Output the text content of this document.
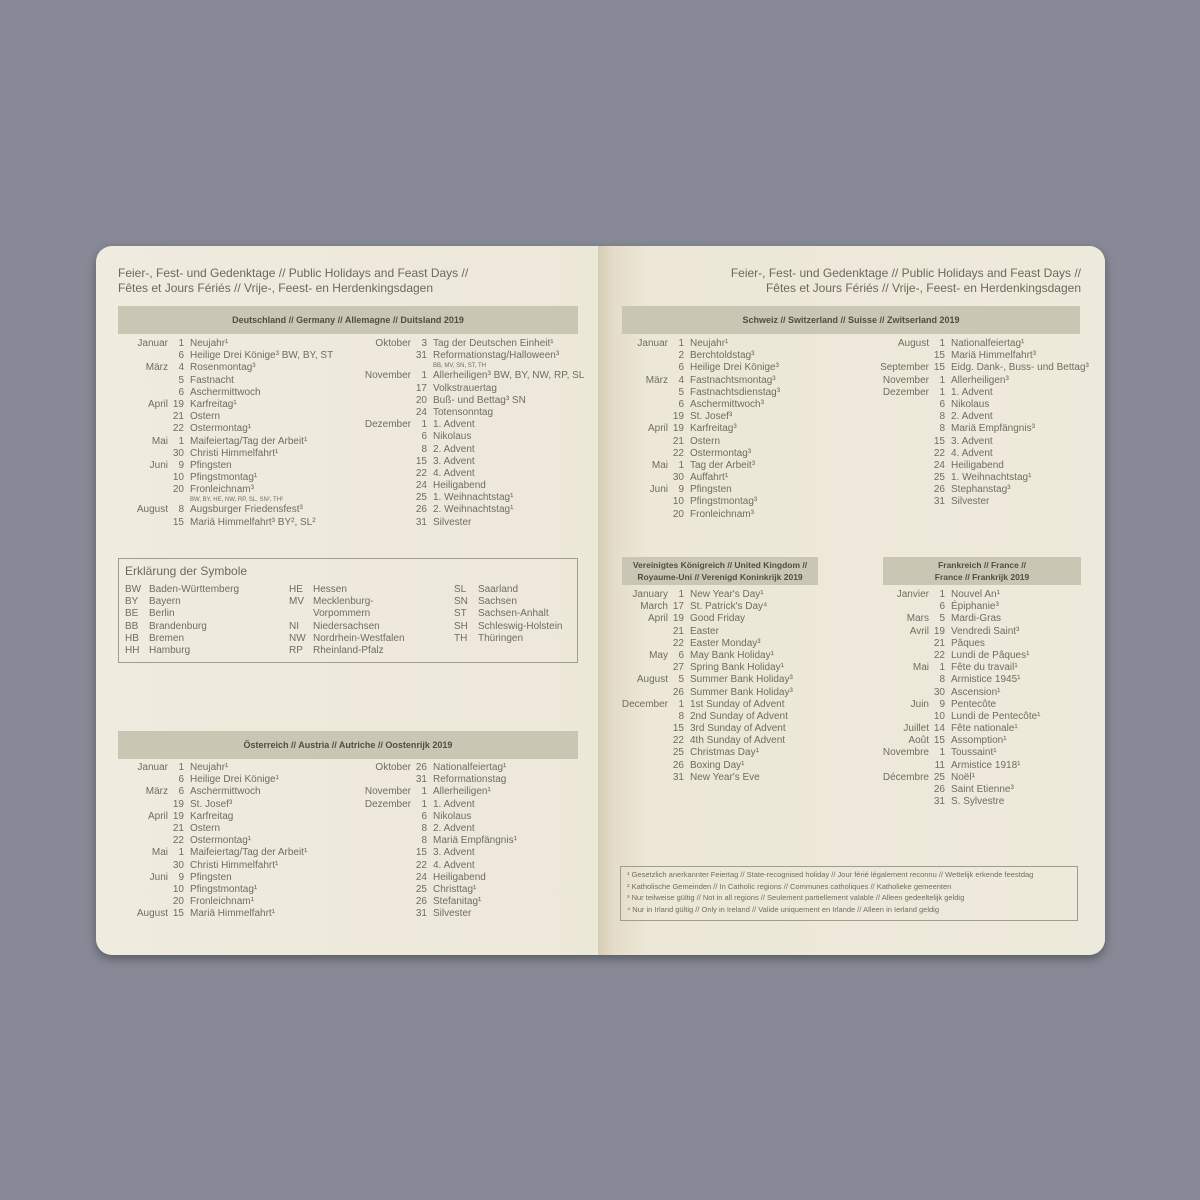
Feier-, Fest- und Gedenktage // Public Holidays and Feast Days //
Fêtes et Jours Fériés // Vrije-, Feest- en Herdenkingsdagen
Feier-, Fest- und Gedenktage // Public Holidays and Feast Days //
Fêtes et Jours Fériés // Vrije-, Feest- en Herdenkingsdagen
Deutschland // Germany // Allemagne // Duitsland 2019
Januar 1 Neujahr¹
6 Heilige Drei Könige³ BW, BY, ST
März 4 Rosenmontag³
5 Fastnacht
6 Aschermittwoch
April 19 Karfreitag¹
21 Ostern
22 Ostermontag¹
Mai 1 Maifeiertag/Tag der Arbeit¹
30 Christi Himmelfahrt¹
Juni 9 Pfingsten
10 Pfingstmontag¹
20 Fronleichnam³
BW, BY, HE, NW, RP, SL, SN², TH²
August 8 Augsburger Friedensfest³
15 Mariä Himmelfahrt³ BY², SL²
Oktober 3 Tag der Deutschen Einheit¹
31 Reformationstag/Halloween³
BB, MV, SN, ST, TH
November 1 Allerheiligen³ BW, BY, NW, RP, SL
17 Volkstrauertag
20 Buß- und Bettag³ SN
24 Totensonntag
Dezember 1 1. Advent
6 Nikolaus
8 2. Advent
15 3. Advent
22 4. Advent
24 Heiligabend
25 1. Weihnachtstag¹
26 2. Weihnachtstag¹
31 Silvester
Erklärung der Symbole
BW Baden-Württemberg
BY Bayern
BE Berlin
BB Brandenburg
HB Bremen
HH Hamburg
HE Hessen
MV Mecklenburg-
Vorpommern
NI Niedersachsen
NW Nordrhein-Westfalen
RP Rheinland-Pfalz
SL Saarland
SN Sachsen
ST Sachsen-Anhalt
SH Schleswig-Holstein
TH Thüringen
Österreich // Austria // Autriche // Oostenrijk 2019
Januar 1 Neujahr¹
6 Heilige Drei Könige¹
März 6 Aschermittwoch
19 St. Josef³
April 19 Karfreitag
21 Ostern
22 Ostermontag¹
Mai 1 Maifeiertag/Tag der Arbeit¹
30 Christi Himmelfahrt¹
Juni 9 Pfingsten
10 Pfingstmontag¹
20 Fronleichnam¹
August 15 Mariä Himmelfahrt¹
Oktober 26 Nationalfeiertag¹
31 Reformationstag
November 1 Allerheiligen¹
Dezember 1 1. Advent
6 Nikolaus
8 2. Advent
8 Mariä Empfängnis¹
15 3. Advent
22 4. Advent
24 Heiligabend
25 Christtag¹
26 Stefanitag¹
31 Silvester
Schweiz // Switzerland // Suisse // Zwitserland 2019
Januar 1 Neujahr¹
2 Berchtoldstag³
6 Heilige Drei Könige³
März 4 Fastnachtsmontag³
5 Fastnachtsdienstag³
6 Aschermittwoch³
19 St. Josef³
April 19 Karfreitag³
21 Ostern
22 Ostermontag³
Mai 1 Tag der Arbeit³
30 Auffahrt¹
Juni 9 Pfingsten
10 Pfingstmontag³
20 Fronleichnam³
August 1 Nationalfeiertag¹
15 Mariä Himmelfahrt³
September 15 Eidg. Dank-, Buss- und Bettag³
November 1 Allerheiligen³
Dezember 1 1. Advent
6 Nikolaus
8 2. Advent
8 Mariä Empfängnis³
15 3. Advent
22 4. Advent
24 Heiligabend
25 1. Weihnachtstag¹
26 Stephanstag³
31 Silvester
Vereinigtes Königreich // United Kingdom //
Royaume-Uni // Verenigd Koninkrijk 2019
January 1 New Year's Day¹
March 17 St. Patrick's Day⁴
April 19 Good Friday
21 Easter
22 Easter Monday³
May 6 May Bank Holiday¹
27 Spring Bank Holiday¹
August 5 Summer Bank Holiday³
26 Summer Bank Holiday³
December 1 1st Sunday of Advent
8 2nd Sunday of Advent
15 3rd Sunday of Advent
22 4th Sunday of Advent
25 Christmas Day¹
26 Boxing Day¹
31 New Year's Eve
Frankreich // France //
France // Frankrijk 2019
Janvier 1 Nouvel An¹
6 Épiphanie³
Mars 5 Mardi-Gras
Avril 19 Vendredi Saint³
21 Pâques
22 Lundi de Pâques¹
Mai 1 Fête du travail¹
8 Armistice 1945¹
30 Ascension¹
Juin 9 Pentecôte
10 Lundi de Pentecôte¹
Juillet 14 Fête nationale¹
Août 15 Assomption¹
Novembre 1 Toussaint¹
11 Armistice 1918¹
Décembre 25 Noël¹
26 Saint Etienne³
31 S. Sylvestre
¹ Gesetzlich anerkannter Feiertag // State-recognised holiday // Jour férié légalement reconnu // Wettelijk erkende feestdag
² Katholische Gemeinden // In Catholic regions // Communes catholiques // Katholieke gemeenten
³ Nur teilweise gültig // Not in all regions // Seulement partiellement valable // Alleen gedeeltelijk geldig
⁴ Nur in Irland gültig // Only in Ireland // Valide uniquement en Irlande // Alleen in Ierland geldig
